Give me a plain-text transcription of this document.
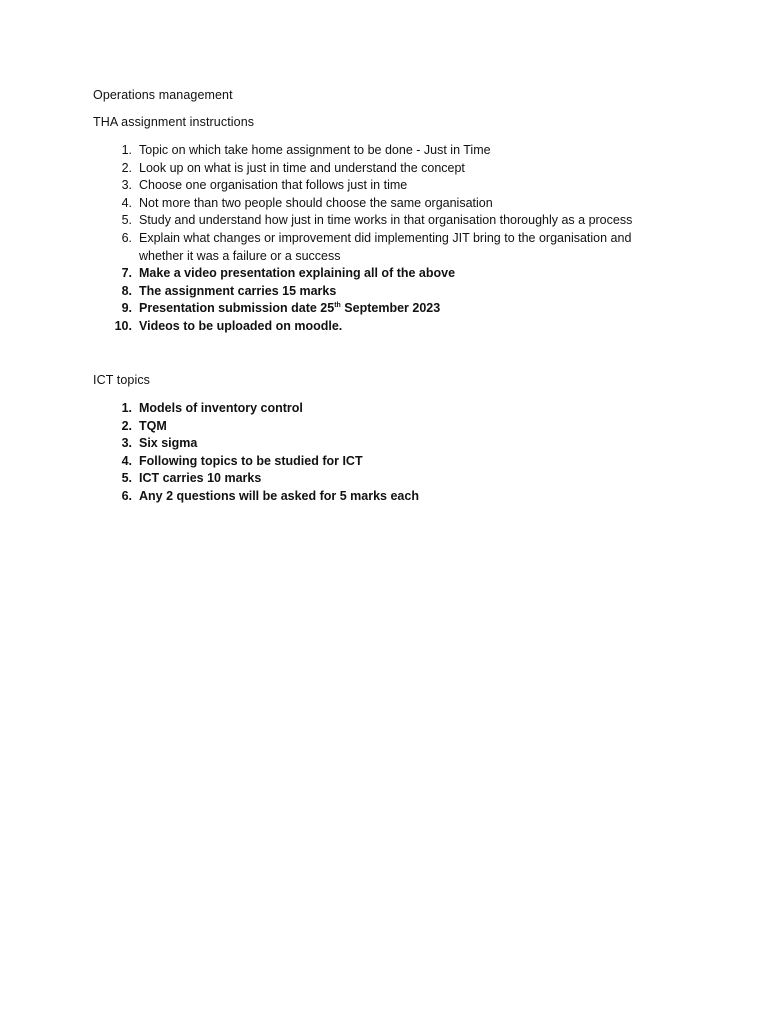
Operations management

THA assignment instructions

1. Topic on which take home assignment to be done - Just in Time
2. Look up on what is just in time and understand the concept
3. Choose one organisation that follows just in time
4. Not more than two people should choose the same organisation
5. Study and understand how just in time works in that organisation thoroughly as a process
6. Explain what changes or improvement did implementing JIT bring to the organisation and whether it was a failure or a success
7. Make a video presentation explaining all of the above
8. The assignment carries 15 marks
9. Presentation submission date 25th September 2023
10. Videos to be uploaded on moodle.

ICT topics

1. Models of inventory control
2. TQM
3. Six sigma
4. Following topics to be studied for ICT
5. ICT carries 10 marks
6. Any 2 questions will be asked for 5 marks each
